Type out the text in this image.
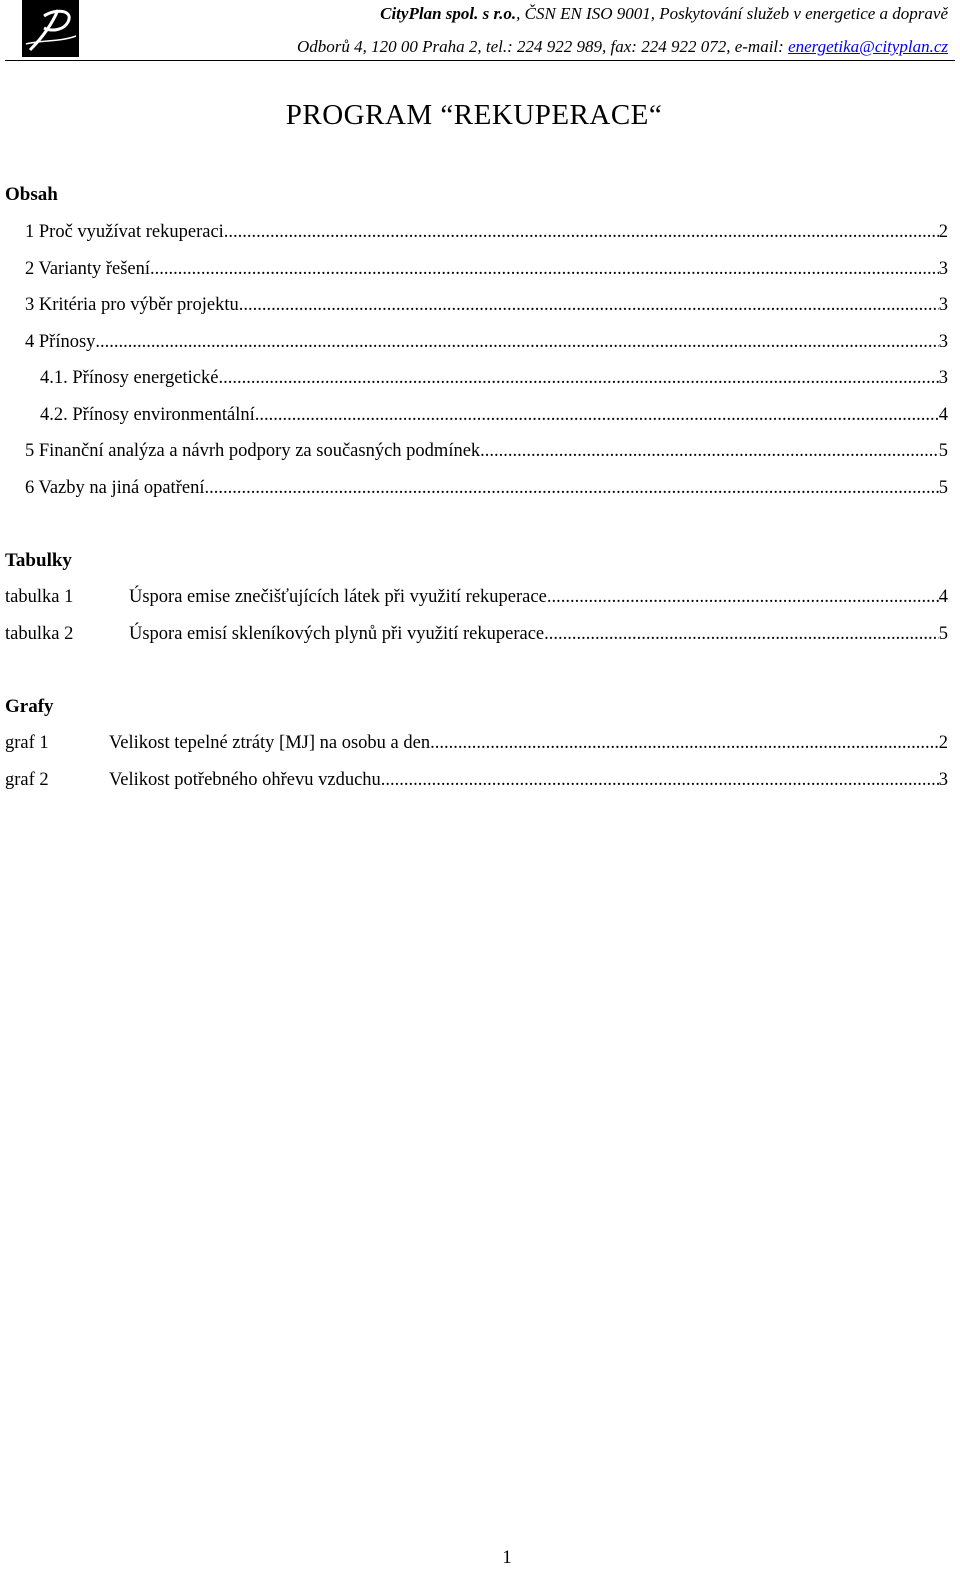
CityPlan spol. s r.o., ČSN EN ISO 9001, Poskytování služeb v energetice a dopravě
Odborů 4, 120 00 Praha 2, tel.: 224 922 989, fax: 224 922 072, e-mail: energetika@cityplan.cz
PROGRAM “REKUPERACE“
Obsah
1 Proč využívat rekuperaci .....	2
2 Varianty řešení .....	3
3 Kritéria pro výběr projektu .....	3
4 Přínosy .....	3
4.1. Přínosy energetické .....	3
4.2. Přínosy environmentální .....	4
5 Finanční analýza a návrh podpory za současných podmínek .....	5
6 Vazby na jiná opatření .....	5
Tabulky
tabulka 1	Úspora emise znečišťujících látek při využití rekuperace .....	4
tabulka 2	Úspora emisí skleníkových plynů při využití rekuperace .....	5
Grafy
graf 1	Velikost tepelné ztráty [MJ] na osobu a den .....	2
graf 2	Velikost potřebného ohřevu vzduchu .....	3
1
